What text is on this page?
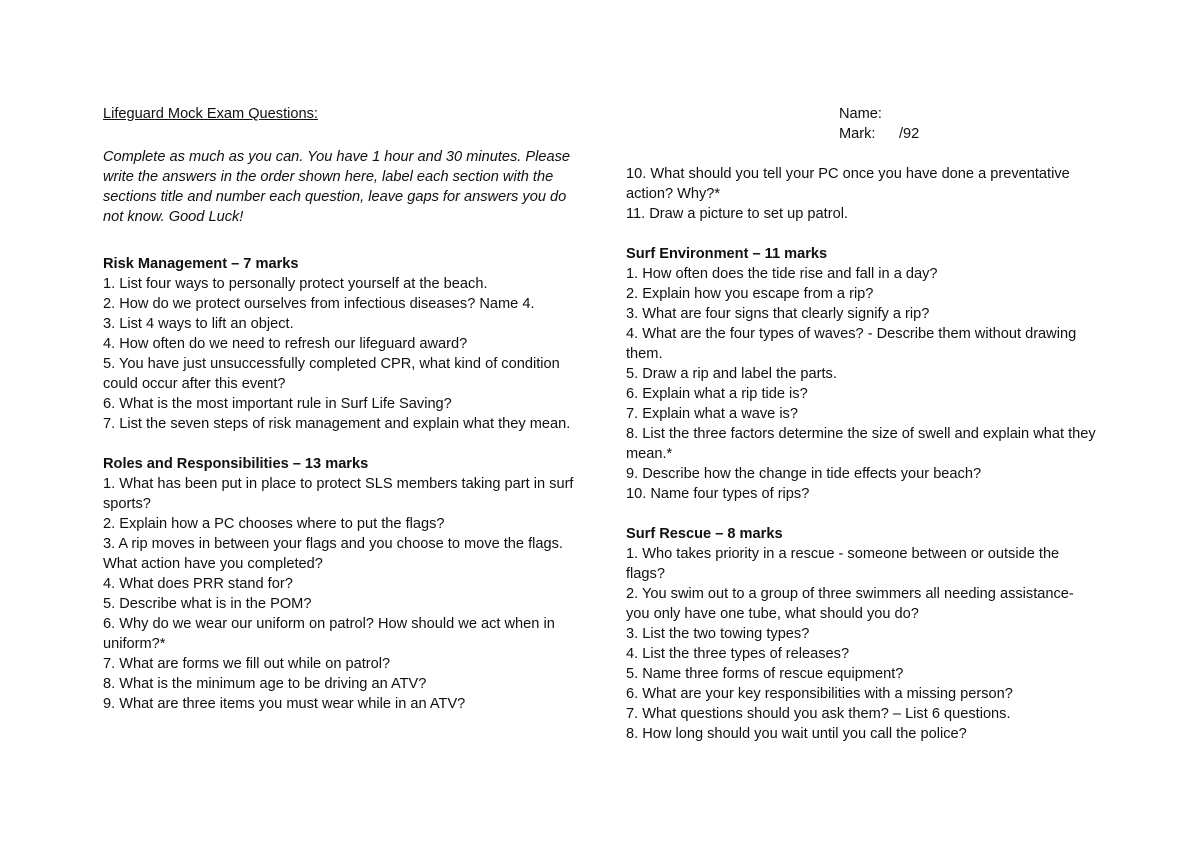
Lifeguard Mock Exam Questions:	Name:
Mark: /92
Complete as much as you can. You have 1 hour and 30 minutes. Please write the answers in the order shown here, label each section with the sections title and number each question, leave gaps for answers you do not know. Good Luck!
Risk Management – 7 marks

1. List four ways to personally protect yourself at the beach.

2. How do we protect ourselves from infectious diseases? Name 4.

3. List 4 ways to lift an object.

4. How often do we need to refresh our lifeguard award?

5. You have just unsuccessfully completed CPR, what kind of condition could occur after this event?

6. What is the most important rule in Surf Life Saving?

7. List the seven steps of risk management and explain what they mean.

Roles and Responsibilities – 13 marks

1. What has been put in place to protect SLS members taking part in surf sports?

2. Explain how a PC chooses where to put the flags?

3. A rip moves in between your flags and you choose to move the flags. What action have you completed?

4. What does PRR stand for?

5. Describe what is in the POM?

6. Why do we wear our uniform on patrol? How should we act when in uniform?*

7. What are forms we fill out while on patrol?

8. What is the minimum age to be driving an ATV?

9. What are three items you must wear while in an ATV?

10. What should you tell your PC once you have done a preventative action? Why?*

11. Draw a picture to set up patrol.

Surf Environment – 11 marks

1. How often does the tide rise and fall in a day?

2. Explain how you escape from a rip?

3. What are four signs that clearly signify a rip?

4. What are the four types of waves? - Describe them without drawing them.

5. Draw a rip and label the parts.

6. Explain what a rip tide is?

7. Explain what a wave is?

8. List the three factors determine the size of swell and explain what they mean.*

9. Describe how the change in tide effects your beach?

10. Name four types of rips?

Surf Rescue – 8 marks

1. Who takes priority in a rescue - someone between or outside the flags?

2. You swim out to a group of three swimmers all needing assistance- you only have one tube, what should you do?

3. List the two towing types?

4. List the three types of releases?

5. Name three forms of rescue equipment?

6. What are your key responsibilities with a missing person?

7. What questions should you ask them? – List 6 questions.

8. How long should you wait until you call the police?
